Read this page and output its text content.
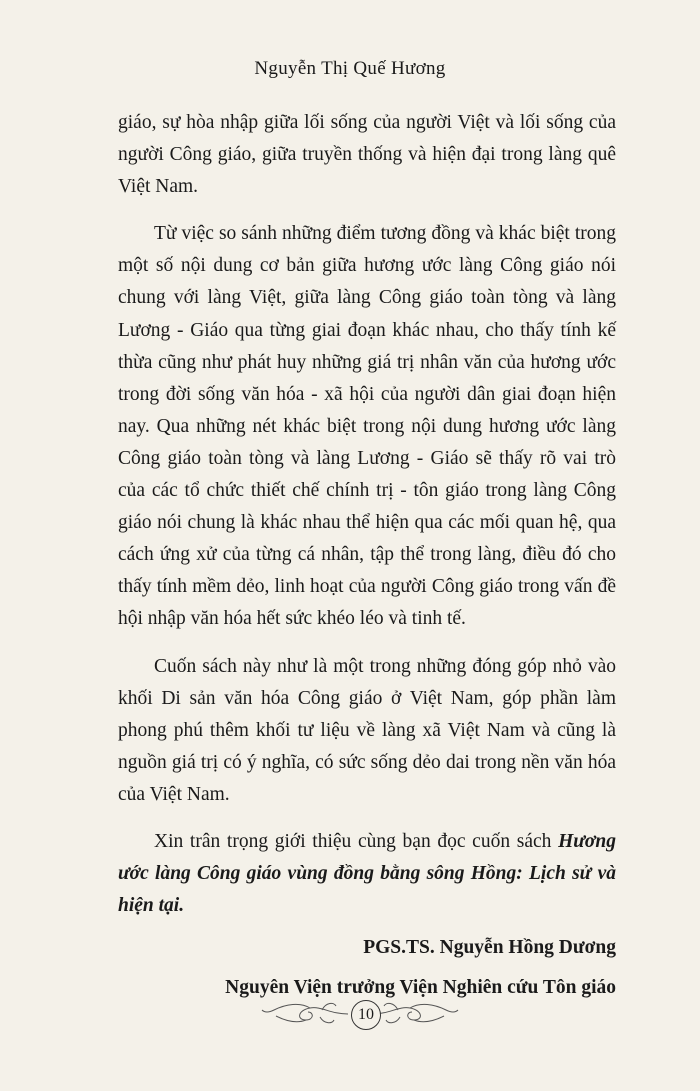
Nguyễn Thị Quế Hương

giáo, sự hòa nhập giữa lối sống của người Việt và lối sống của người Công giáo, giữa truyền thống và hiện đại trong làng quê Việt Nam.

Từ việc so sánh những điểm tương đồng và khác biệt trong một số nội dung cơ bản giữa hương ước làng Công giáo nói chung với làng Việt, giữa làng Công giáo toàn tòng và làng Lương - Giáo qua từng giai đoạn khác nhau, cho thấy tính kế thừa cũng như phát huy những giá trị nhân văn của hương ước trong đời sống văn hóa - xã hội của người dân giai đoạn hiện nay. Qua những nét khác biệt trong nội dung hương ước làng Công giáo toàn tòng và làng Lương - Giáo sẽ thấy rõ vai trò của các tổ chức thiết chế chính trị - tôn giáo trong làng Công giáo nói chung là khác nhau thể hiện qua các mối quan hệ, qua cách ứng xử của từng cá nhân, tập thể trong làng, điều đó cho thấy tính mềm dẻo, linh hoạt của người Công giáo trong vấn đề hội nhập văn hóa hết sức khéo léo và tinh tế.

Cuốn sách này như là một trong những đóng góp nhỏ vào khối Di sản văn hóa Công giáo ở Việt Nam, góp phần làm phong phú thêm khối tư liệu về làng xã Việt Nam và cũng là nguồn giá trị có ý nghĩa, có sức sống dẻo dai trong nền văn hóa của Việt Nam.

Xin trân trọng giới thiệu cùng bạn đọc cuốn sách Hương ước làng Công giáo vùng đồng bằng sông Hồng: Lịch sử và hiện tại.

PGS.TS. Nguyễn Hồng Dương

Nguyên Viện trưởng Viện Nghiên cứu Tôn giáo

10
